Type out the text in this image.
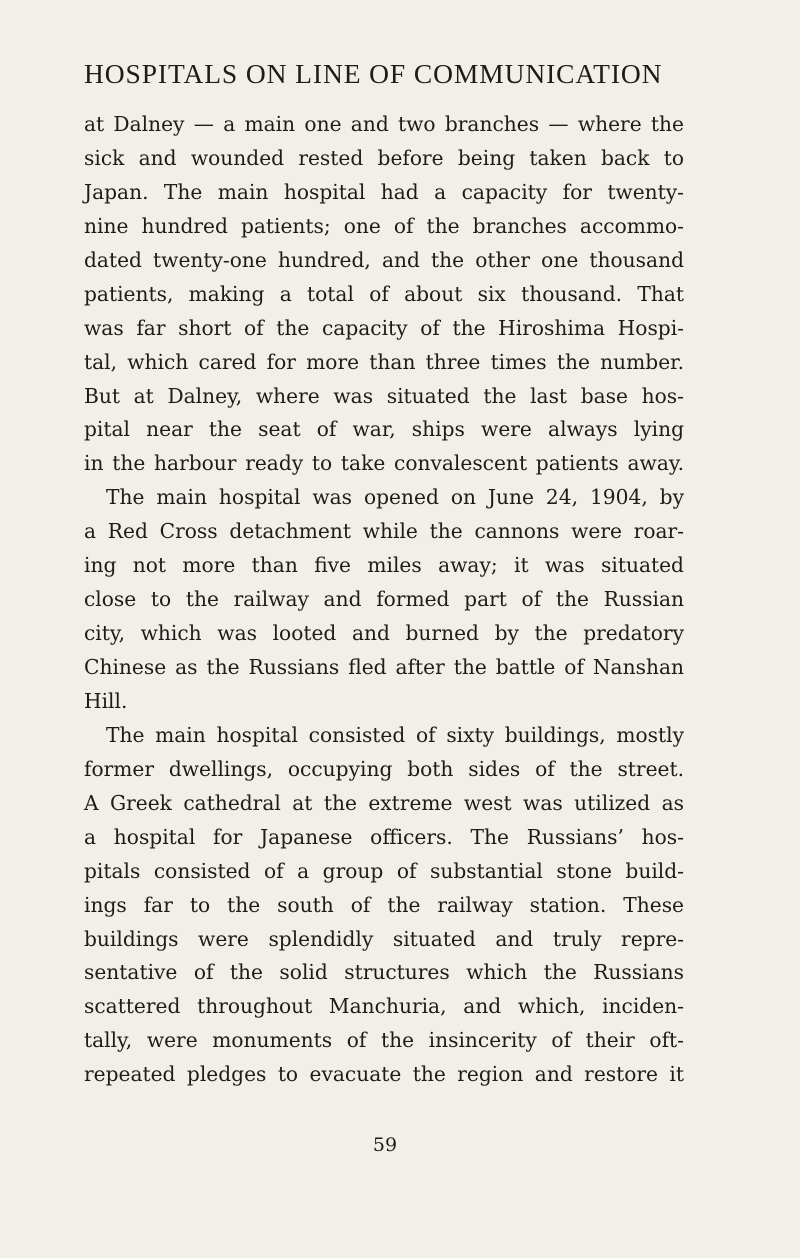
HOSPITALS ON LINE OF COMMUNICATION
at Dalney — a main one and two branches — where the
sick and wounded rested before being taken back to
Japan. The main hospital had a capacity for twenty-
nine hundred patients; one of the branches accommo-
dated twenty-one hundred, and the other one thousand
patients, making a total of about six thousand. That
was far short of the capacity of the Hiroshima Hospi-
tal, which cared for more than three times the number.
But at Dalney, where was situated the last base hos-
pital near the seat of war, ships were always lying
in the harbour ready to take convalescent patients away.
The main hospital was opened on June 24, 1904, by
a Red Cross detachment while the cannons were roar-
ing not more than five miles away; it was situated
close to the railway and formed part of the Russian
city, which was looted and burned by the predatory
Chinese as the Russians fled after the battle of Nanshan
Hill.
The main hospital consisted of sixty buildings, mostly
former dwellings, occupying both sides of the street.
A Greek cathedral at the extreme west was utilized as
a hospital for Japanese officers. The Russians’ hos-
pitals consisted of a group of substantial stone build-
ings far to the south of the railway station. These
buildings were splendidly situated and truly repre-
sentative of the solid structures which the Russians
scattered throughout Manchuria, and which, inciden-
tally, were monuments of the insincerity of their oft-
repeated pledges to evacuate the region and restore it
59
